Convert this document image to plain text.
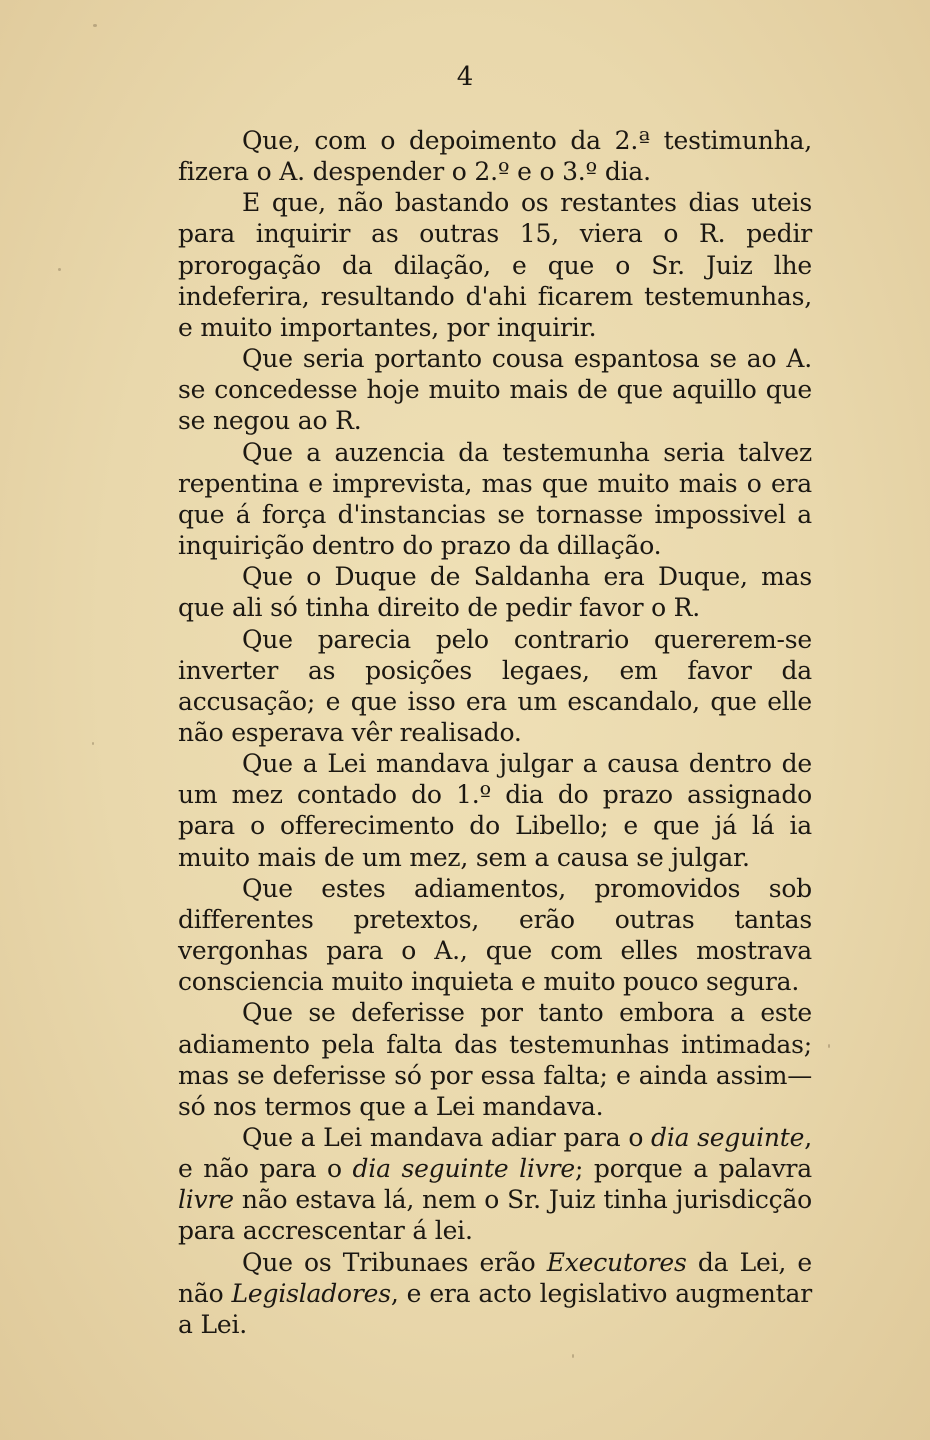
4

Que, com o depoimento da 2.ª testimunha, fizera o A. despender o 2.º e o 3.º dia.

E que, não bastando os restantes dias uteis para inquirir as outras 15, viera o R. pedir prorogação da dilação, e que o Sr. Juiz lhe indeferira, resultando d'ahi ficarem testemunhas, e muito importantes, por inquirir.

Que seria portanto cousa espantosa se ao A. se concedesse hoje muito mais de que aquillo que se negou ao R.

Que a auzencia da testemunha seria talvez repentina e imprevista, mas que muito mais o era que á força d'instancias se tornasse impossivel a inquirição dentro do prazo da dillação.

Que o Duque de Saldanha era Duque, mas que ali só tinha direito de pedir favor o R.

Que parecia pelo contrario quererem-se inverter as posições legaes, em favor da accusação; e que isso era um escandalo, que elle não esperava vêr realisado.

Que a Lei mandava julgar a causa dentro de um mez contado do 1.º dia do prazo assignado para o offerecimento do Libello; e que já lá ia muito mais de um mez, sem a causa se julgar.

Que estes adiamentos, promovidos sob differentes pretextos, erão outras tantas vergonhas para o A., que com elles mostrava consciencia muito inquieta e muito pouco segura.

Que se deferisse por tanto embora a este adiamento pela falta das testemunhas intimadas; mas se deferisse só por essa falta; e ainda assim—só nos termos que a Lei mandava.

Que a Lei mandava adiar para o dia seguinte, e não para o dia seguinte livre; porque a palavra livre não estava lá, nem o Sr. Juiz tinha jurisdicção para accrescentar á lei.

Que os Tribunaes erão Executores da Lei, e não Legisladores, e era acto legislativo augmentar a Lei.
